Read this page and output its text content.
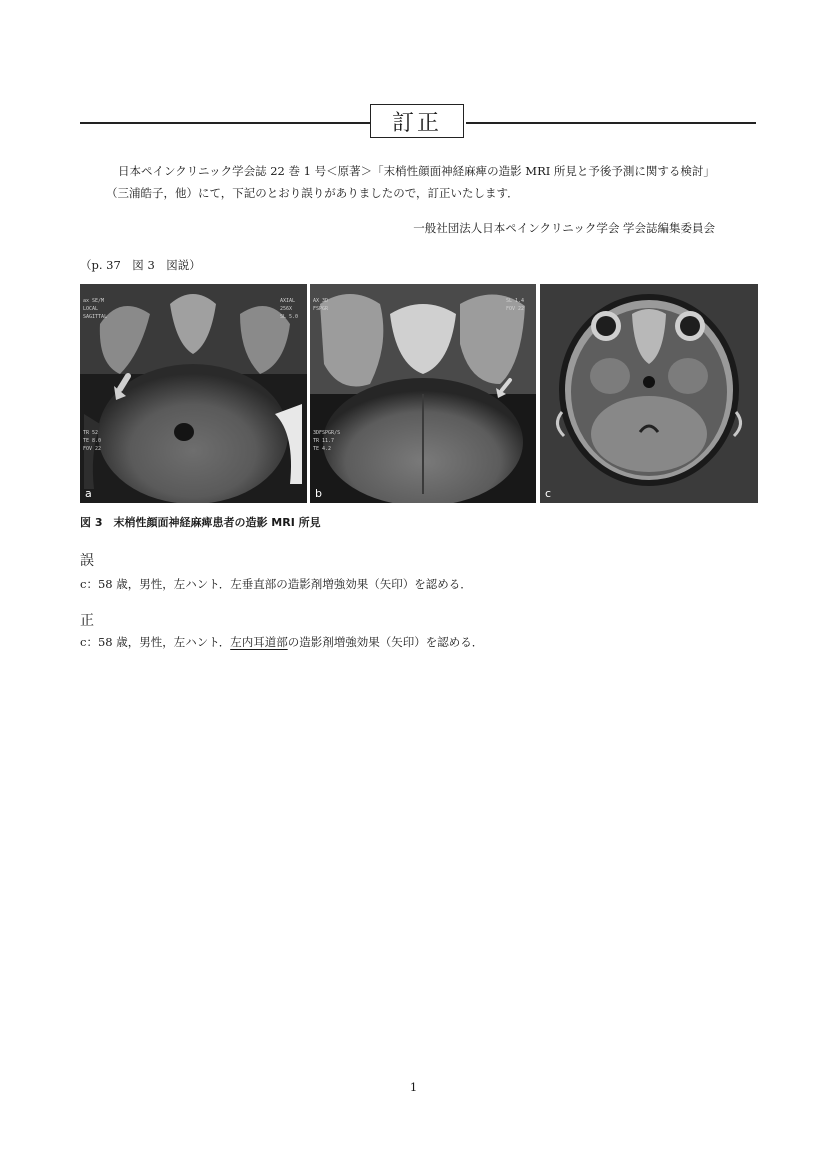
訂正
日本ペインクリニック学会誌 22 巻 1 号＜原著＞「末梢性顔面神経麻痺の造影 MRI 所見と予後予測に関する検討」
（三浦皓子，他）にて，下記のとおり誤りがありましたので，訂正いたします．
一般社団法人日本ペインクリニック学会 学会誌編集委員会
（p. 37　図 3　図説）
ax SE/M
LOCAL
SAGITTAL
TR 52
TE 8.0
FOV 22
AXIAL
256X
SL 5.0
a
AX 3D
FSPGR
3DFSPGR/S
TR 11.7
TE 4.2
SL 1.4
FOV 22
b	c
図 3　末梢性顔面神経麻痺患者の造影 MRI 所見
誤
c：58 歳，男性，左ハント．左垂直部の造影剤増強効果（矢印）を認める．
正
c：58 歳，男性，左ハント．左内耳道部の造影剤増強効果（矢印）を認める．
1
